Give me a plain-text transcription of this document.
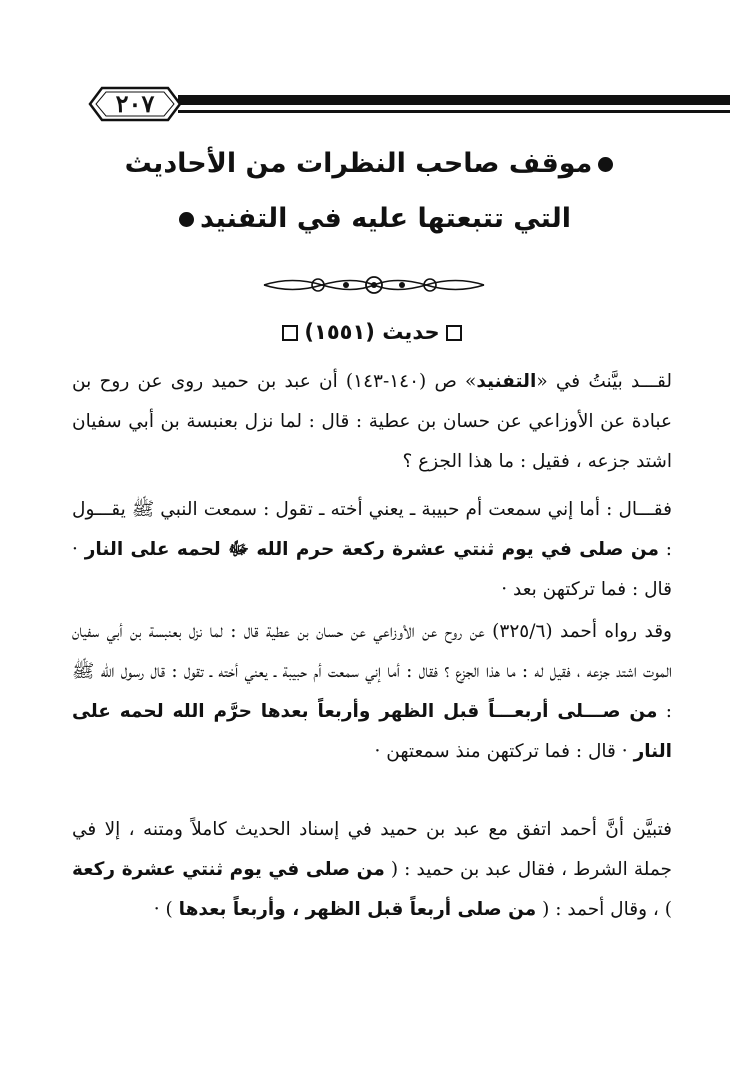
٢٠٧
موقف صاحب النظرات من الأحاديث
التي تتبعتها عليه في التفنيد
حديث (١٥٥١)
لقـــد بيَّنتُ في «التفنيد» ص (١٤٠-١٤٣) أن عبد بن حميد روى عن روح بن عبادة عن الأوزاعي عن حسان بن عطية : قال : لما نزل بعنبسة بن أبي سفيان اشتد جزعه ، فقيل : ما هذا الجزع ؟
فقـــال : أما إني سمعت أم حبيبة ـ يعني أخته ـ تقول : سمعت النبي ﷺ يقـــول : من صلى في يوم ثنتي عشرة ركعة حرم الله ﷻ لحمه على النار · قال : فما تركتهن بعد ·
وقد رواه أحمد (٣٢٥/٦) عن روح عن الأوزاعي عن حسان بن عطية قال : لما نزل بعنبسة بن أبي سفيان الموت اشتد جزعه ، فقيل له : ما هذا الجزع ؟ فقال : أما إني سمعت أم حبيبة ـ يعني أخته ـ تقول : قال رسول الله ﷺ : من صـــلى أربعـــاً قبل الظهر وأربعاً بعدها حرَّم الله لحمه على النار · قال : فما تركتهن منذ سمعتهن ·
فتبيَّن أنَّ أحمد اتفق مع عبد بن حميد في إسناد الحديث كاملاً ومتنه ، إلا في جملة الشرط ، فقال عبد بن حميد : ( من صلى في يوم ثنتي عشرة ركعة ) ، وقال أحمد : ( من صلى أربعاً قبل الظهر ، وأربعاً بعدها ) ·
